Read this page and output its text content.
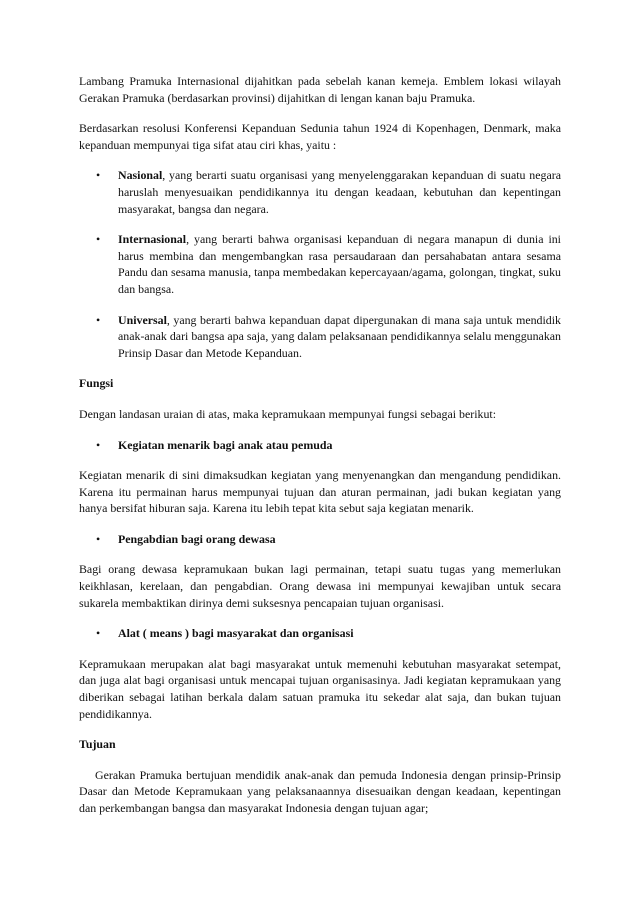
Lambang Pramuka Internasional dijahitkan pada sebelah kanan kemeja. Emblem lokasi wilayah Gerakan Pramuka (berdasarkan provinsi) dijahitkan di lengan kanan baju Pramuka.

Berdasarkan resolusi Konferensi Kepanduan Sedunia tahun 1924 di Kopenhagen, Denmark, maka kepanduan mempunyai tiga sifat atau ciri khas, yaitu :

• Nasional, yang berarti suatu organisasi yang menyelenggarakan kepanduan di suatu negara haruslah menyesuaikan pendidikannya itu dengan keadaan, kebutuhan dan kepentingan masyarakat, bangsa dan negara.
• Internasional, yang berarti bahwa organisasi kepanduan di negara manapun di dunia ini harus membina dan mengembangkan rasa persaudaraan dan persahabatan antara sesama Pandu dan sesama manusia, tanpa membedakan kepercayaan/agama, golongan, tingkat, suku dan bangsa.
• Universal, yang berarti bahwa kepanduan dapat dipergunakan di mana saja untuk mendidik anak-anak dari bangsa apa saja, yang dalam pelaksanaan pendidikannya selalu menggunakan Prinsip Dasar dan Metode Kepanduan.

Fungsi

Dengan landasan uraian di atas, maka kepramukaan mempunyai fungsi sebagai berikut:

• Kegiatan menarik bagi anak atau pemuda

Kegiatan menarik di sini dimaksudkan kegiatan yang menyenangkan dan mengandung pendidikan. Karena itu permainan harus mempunyai tujuan dan aturan permainan, jadi bukan kegiatan yang hanya bersifat hiburan saja. Karena itu lebih tepat kita sebut saja kegiatan menarik.

• Pengabdian bagi orang dewasa

Bagi orang dewasa kepramukaan bukan lagi permainan, tetapi suatu tugas yang memerlukan keikhlasan, kerelaan, dan pengabdian. Orang dewasa ini mempunyai kewajiban untuk secara sukarela membaktikan dirinya demi suksesnya pencapaian tujuan organisasi.

• Alat ( means ) bagi masyarakat dan organisasi

Kepramukaan merupakan alat bagi masyarakat untuk memenuhi kebutuhan masyarakat setempat, dan juga alat bagi organisasi untuk mencapai tujuan organisasinya. Jadi kegiatan kepramukaan yang diberikan sebagai latihan berkala dalam satuan pramuka itu sekedar alat saja, dan bukan tujuan pendidikannya.

Tujuan

Gerakan Pramuka bertujuan mendidik anak-anak dan pemuda Indonesia dengan prinsip-Prinsip Dasar dan Metode Kepramukaan yang pelaksanaannya disesuaikan dengan keadaan, kepentingan dan perkembangan bangsa dan masyarakat Indonesia dengan tujuan agar;
